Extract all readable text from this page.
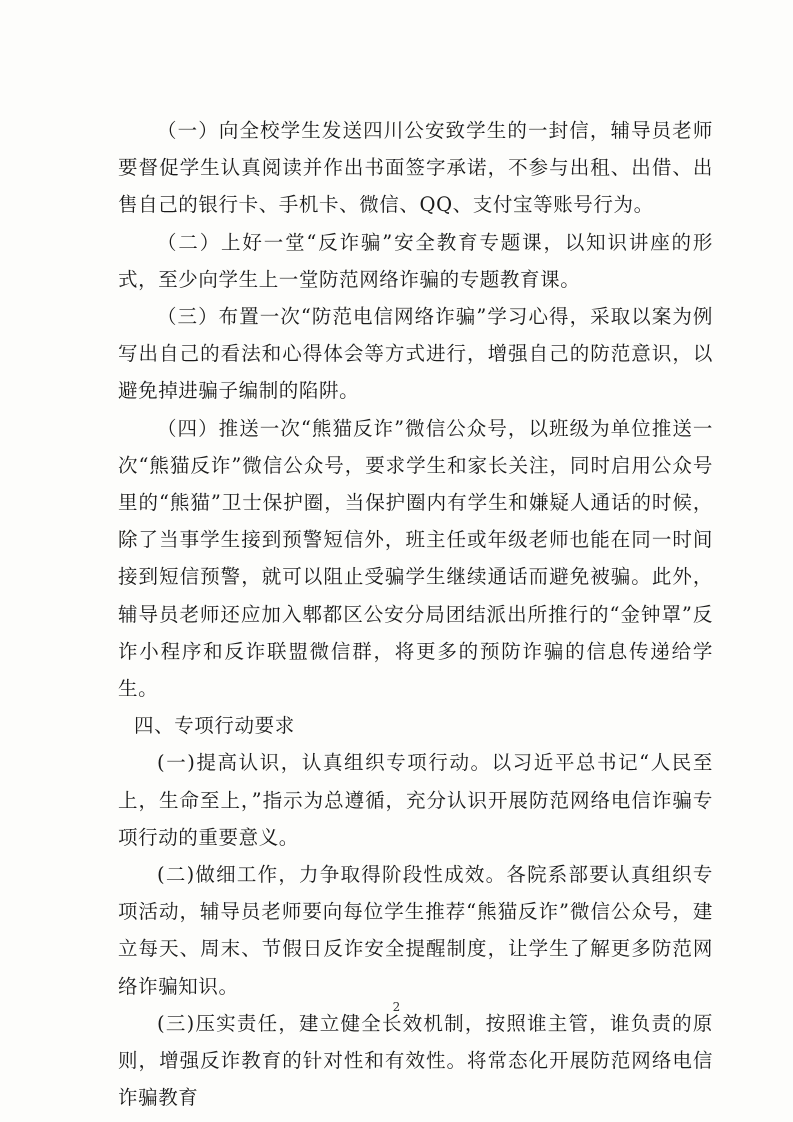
（一）向全校学生发送四川公安致学生的一封信，辅导员老师要督促学生认真阅读并作出书面签字承诺，不参与出租、出借、出售自己的银行卡、手机卡、微信、QQ、支付宝等账号行为。

（二）上好一堂“反诈骗”安全教育专题课，以知识讲座的形式，至少向学生上一堂防范网络诈骗的专题教育课。

（三）布置一次“防范电信网络诈骗”学习心得，采取以案为例写出自己的看法和心得体会等方式进行，增强自己的防范意识，以避免掉进骗子编制的陷阱。

（四）推送一次“熊猫反诈”微信公众号，以班级为单位推送一次“熊猫反诈”微信公众号，要求学生和家长关注，同时启用公众号里的“熊猫”卫士保护圈，当保护圈内有学生和嫌疑人通话的时候，除了当事学生接到预警短信外，班主任或年级老师也能在同一时间接到短信预警，就可以阻止受骗学生继续通话而避免被骗。此外，辅导员老师还应加入郫都区公安分局团结派出所推行的“金钟罩”反诈小程序和反诈联盟微信群，将更多的预防诈骗的信息传递给学生。

四、专项行动要求

(一)提高认识，认真组织专项行动。以习近平总书记“人民至上，生命至上，”指示为总遵循，充分认识开展防范网络电信诈骗专项行动的重要意义。

(二)做细工作，力争取得阶段性成效。各院系部要认真组织专项活动，辅导员老师要向每位学生推荐“熊猫反诈”微信公众号，建立每天、周末、节假日反诈安全提醒制度，让学生了解更多防范网络诈骗知识。

(三)压实责任，建立健全长效机制，按照谁主管，谁负责的原则，增强反诈教育的针对性和有效性。将常态化开展防范网络电信诈骗教育

2
